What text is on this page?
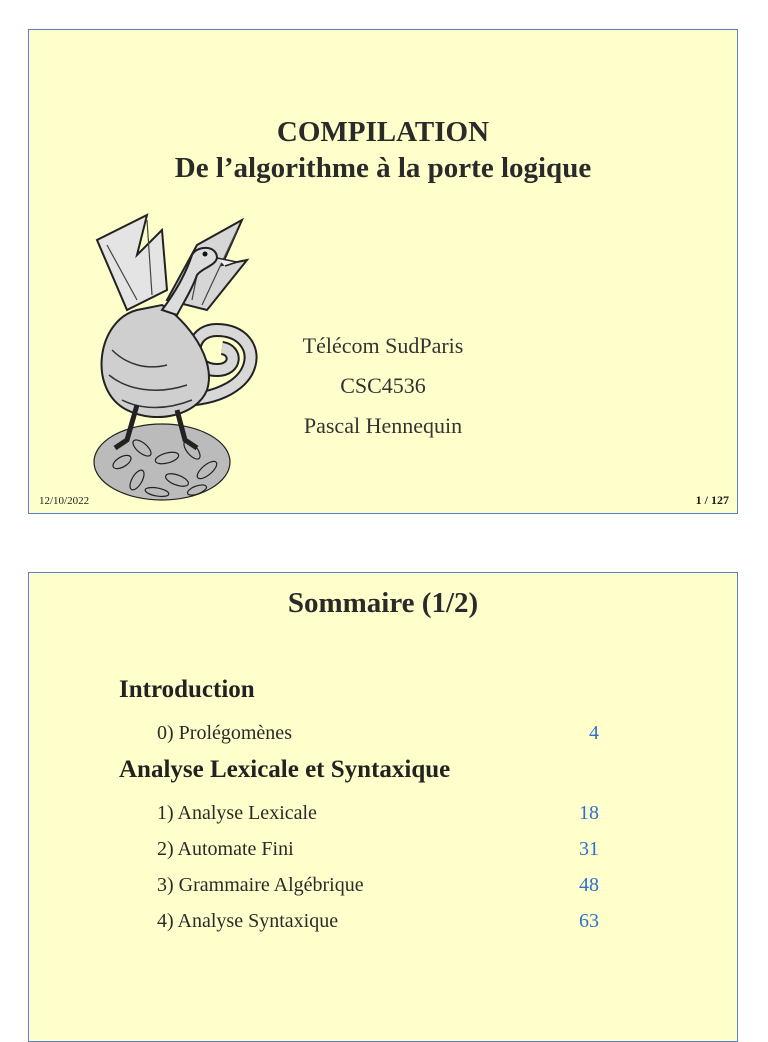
COMPILATION
De l’algorithme à la porte logique
Télécom SudParis
CSC4536
Pascal Hennequin
12/10/2022	1 / 127
Sommaire (1/2)
Introduction
0) Prolégomènes	4
Analyse Lexicale et Syntaxique
1) Analyse Lexicale	18
2) Automate Fini	31
3) Grammaire Algébrique	48
4) Analyse Syntaxique	63
